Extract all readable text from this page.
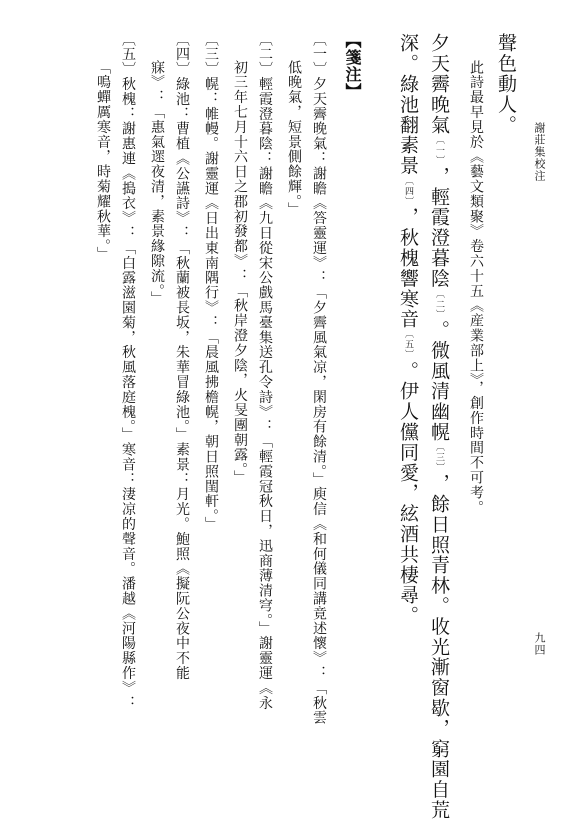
謝莊集校注
九四
聲色動人。
此詩最早見於《藝文類聚》卷六十五《産業部上》，創作時間不可考。
夕天霽晚氣〔一〕，輕霞澄暮陰〔二〕。微風清幽幌〔三〕，餘日照青林。收光漸窗歇，窮園自荒
深。綠池翻素景〔四〕，秋槐響寒音〔五〕。伊人儻同愛，絃酒共棲尋。
【箋注】
〔一〕夕天霽晚氣：謝瞻《答靈運》：「夕霽風氣凉，閑房有餘清。」庾信《和何儀同講竟述懷》：「秋雲
低晚氣，短景側餘輝。」
〔二〕輕霞澄暮陰：謝瞻《九日從宋公戲馬臺集送孔令詩》：「輕霞冠秋日，迅商薄清穹。」謝靈運《永
初三年七月十六日之郡初發都》：「秋岸澄夕陰，火旻團朝露。」
〔三〕幌：帷幔。謝靈運《日出東南隅行》：「晨風拂檐幌，朝日照閨軒。」
〔四〕綠池：曹植《公讌詩》：「秋蘭被長坂，朱華冒綠池。」素景：月光。鮑照《擬阮公夜中不能
寐》：「惠氣遝夜清，素景緣隙流。」
〔五〕秋槐：謝惠連《搗衣》：「白露滋園菊，秋風落庭槐。」寒音：淒凉的聲音。潘越《河陽縣作》：
「鳴蟬厲寒音，時菊耀秋華。」
